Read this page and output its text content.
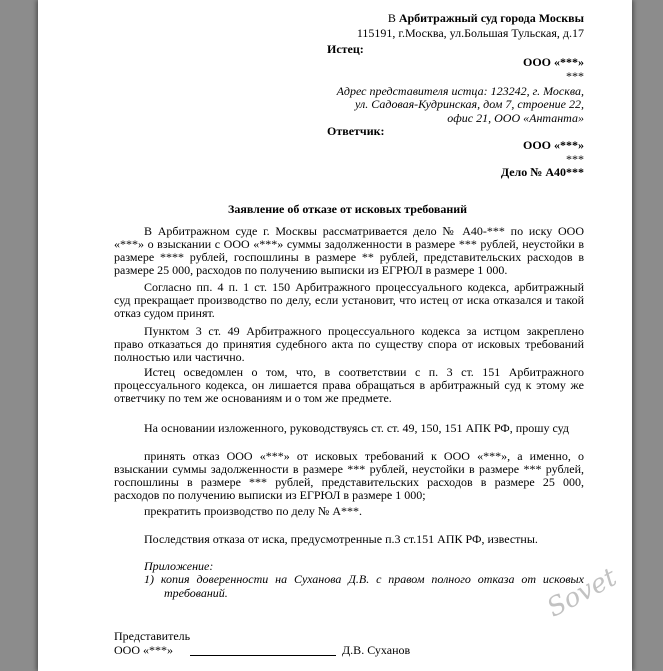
В Арбитражный суд города Москвы
115191, г.Москва, ул.Большая Тульская, д.17
Истец:
ООО «***»
***
Адрес представителя истца: 123242, г. Москва,
ул. Садовая-Кудринская, дом 7, строение 22,
офис 21, ООО «Антанта»
Ответчик:
ООО «***»
***
Дело № А40***
Заявление об отказе от исковых требований
В Арбитражном суде г. Москвы рассматривается дело № А40-*** по иску ООО
«***» о взыскании с ООО «***» суммы задолженности в размере *** рублей, неустойки в
размере **** рублей, госпошлины в размере ** рублей, представительских расходов в
размере 25 000, расходов по получению выписки из ЕГРЮЛ в размере 1 000.
Согласно пп. 4 п. 1 ст. 150 Арбитражного процессуального кодекса, арбитражный
суд прекращает производство по делу, если установит, что истец от иска отказался и такой
отказ судом принят.
Пунктом 3 ст. 49 Арбитражного процессуального кодекса за истцом закреплено
право отказаться до принятия судебного акта по существу спора от исковых требований
полностью или частично.
Истец осведомлен о том, что, в соответствии с п. 3 ст. 151 Арбитражного
процессуального кодекса, он лишается права обращаться в арбитражный суд к этому же
ответчику по тем же основаниям и о том же предмете.
На основании изложенного, руководствуясь ст. ст. 49, 150, 151 АПК РФ, прошу суд
принять отказ ООО «***» от исковых требований к ООО «***», а именно, о
взыскании суммы задолженности в размере *** рублей, неустойки в размере *** рублей,
госпошлины в размере *** рублей, представительских расходов в размере 25 000,
расходов по получению выписки из ЕГРЮЛ в размере 1 000;
прекратить производство по делу № А***.
Последствия отказа от иска, предусмотренные п.3 ст.151 АПК РФ, известны.
Приложение:
1) копия доверенности на Суханова Д.В. с правом полного отказа от исковых
требований.
Представитель
ООО «***»	Д.В. Суханов
Sovet
